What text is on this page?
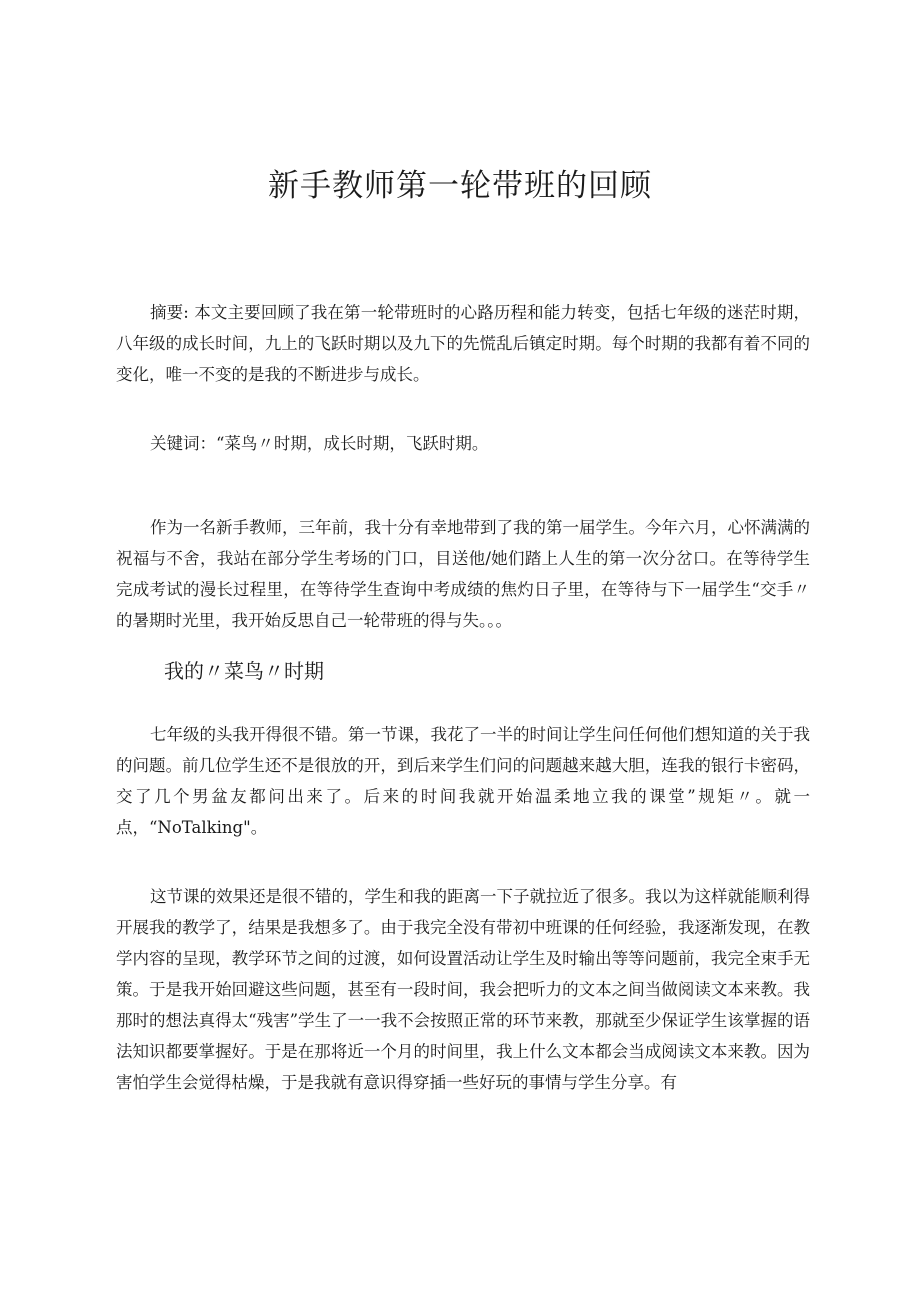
新手教师第一轮带班的回顾

摘要: 本文主要回顾了我在第一轮带班时的心路历程和能力转变，包括七年级的迷茫时期，八年级的成长时间，九上的飞跃时期以及九下的先慌乱后镇定时期。每个时期的我都有着不同的变化，唯一不变的是我的不断进步与成长。

关键词：“菜鸟〃时期，成长时期，飞跃时期。

作为一名新手教师，三年前，我十分有幸地带到了我的第一届学生。今年六月，心怀满满的祝福与不舍，我站在部分学生考场的门口，目送他/她们踏上人生的第一次分岔口。在等待学生完成考试的漫长过程里，在等待学生查询中考成绩的焦灼日子里，在等待与下一届学生“交手〃的暑期时光里，我开始反思自己一轮带班的得与失。。。

我的〃菜鸟〃时期

七年级的头我开得很不错。第一节课，我花了一半的时间让学生问任何他们想知道的关于我的问题。前几位学生还不是很放的开，到后来学生们问的问题越来越大胆，连我的银行卡密码，交了几个男盆友都问出来了。后来的时间我就开始温柔地立我的课堂”规矩〃。就一点，“NoTalking"。

这节课的效果还是很不错的，学生和我的距离一下子就拉近了很多。我以为这样就能顺利得开展我的教学了，结果是我想多了。由于我完全没有带初中班课的任何经验，我逐渐发现，在教学内容的呈现，教学环节之间的过渡，如何设置活动让学生及时输出等等问题前，我完全束手无策。于是我开始回避这些问题，甚至有一段时间，我会把听力的文本之间当做阅读文本来教。我那时的想法真得太“残害”学生了一一我不会按照正常的环节来教，那就至少保证学生该掌握的语法知识都要掌握好。于是在那将近一个月的时间里，我上什么文本都会当成阅读文本来教。因为害怕学生会觉得枯燥，于是我就有意识得穿插一些好玩的事情与学生分享。有
